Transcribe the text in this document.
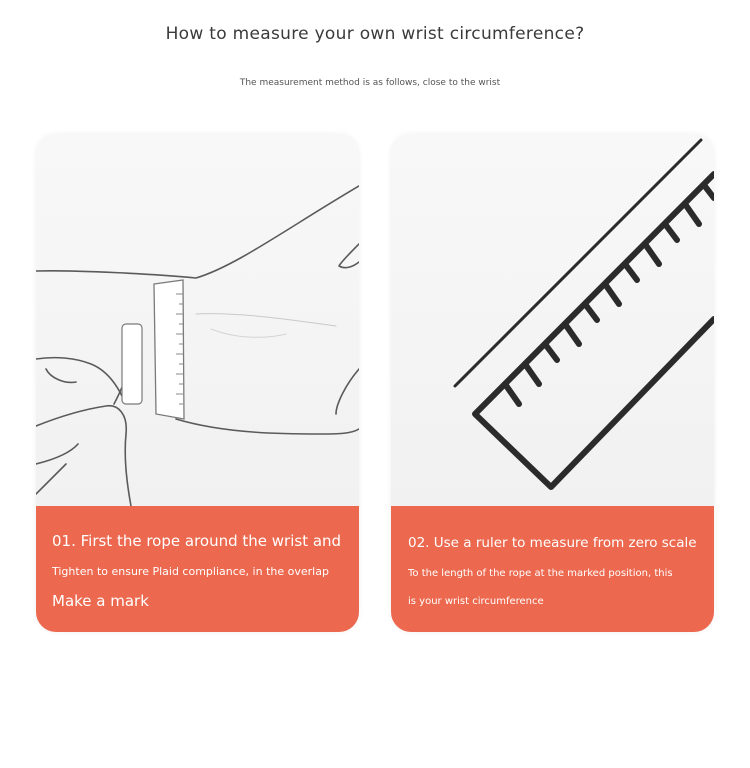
How to measure your own wrist circumference?
The measurement method is as follows, close to the wrist
01. First the rope around the wrist and
Tighten to ensure Plaid compliance, in the overlap
Make a mark
02. Use a ruler to measure from zero scale
To the length of the rope at the marked position, this
is your wrist circumference
